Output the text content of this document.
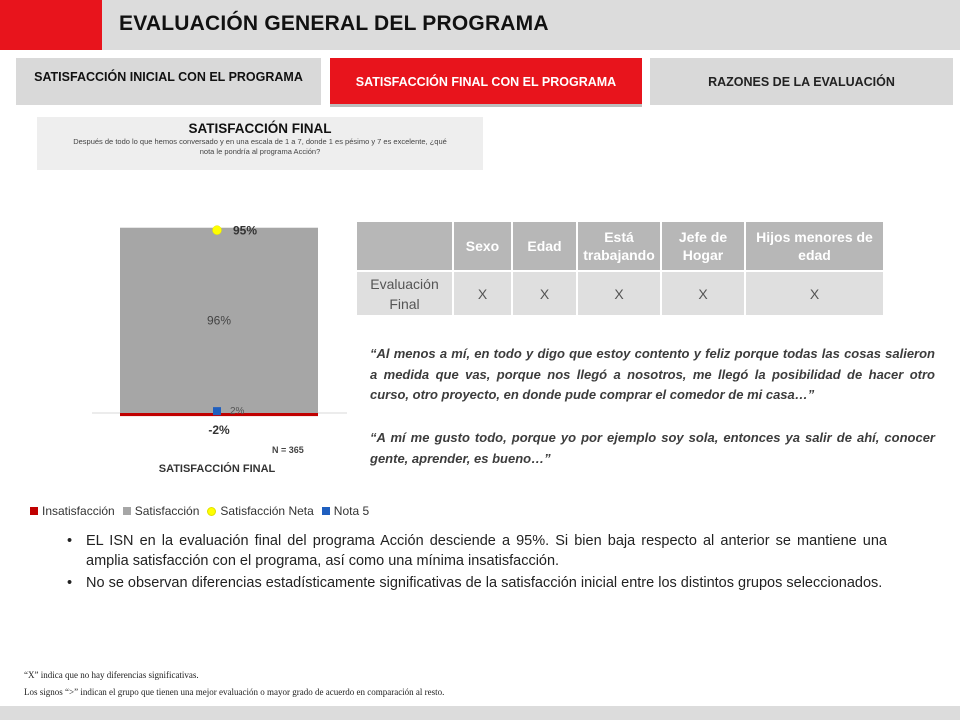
EVALUACIÓN GENERAL DEL PROGRAMA
SATISFACCIÓN INICIAL CON EL PROGRAMA	SATISFACCIÓN FINAL CON EL PROGRAMA	RAZONES DE LA EVALUACIÓN
SATISFACCIÓN FINAL
Después de todo lo que hemos conversado y en una escala de 1 a 7, donde 1 es pésimo y 7 es excelente, ¿qué nota le pondría al programa Acción?
96%
95%
2%
-2%
N = 365
SATISFACCIÓN FINAL
	Sexo	Edad	Está trabajando	Jefe de Hogar	Hijos menores de edad
Evaluación Final	X	X	X	X	X

“Al menos a mí, en todo y digo que estoy contento y feliz porque todas las cosas salieron a medida que vas, porque nos llegó a nosotros, me llegó la posibilidad de hacer otro curso, otro proyecto, en donde pude comprar el comedor de mi casa…”

“A mí me gusto todo, porque yo por ejemplo soy sola, entonces ya salir de ahí, conocer gente, aprender, es bueno…”

Insatisfacción Satisfacción Satisfacción Neta Nota 5
• EL ISN en la evaluación final del programa Acción desciende a 95%. Si bien baja respecto al anterior se mantiene una amplia satisfacción con el programa, así como una mínima insatisfacción.
• No se observan diferencias estadísticamente significativas de la satisfacción inicial entre los distintos grupos seleccionados.
“X” indica que no hay diferencias significativas.
Los signos “>” indican el grupo que tienen una mejor evaluación o mayor grado de acuerdo en comparación al resto.
